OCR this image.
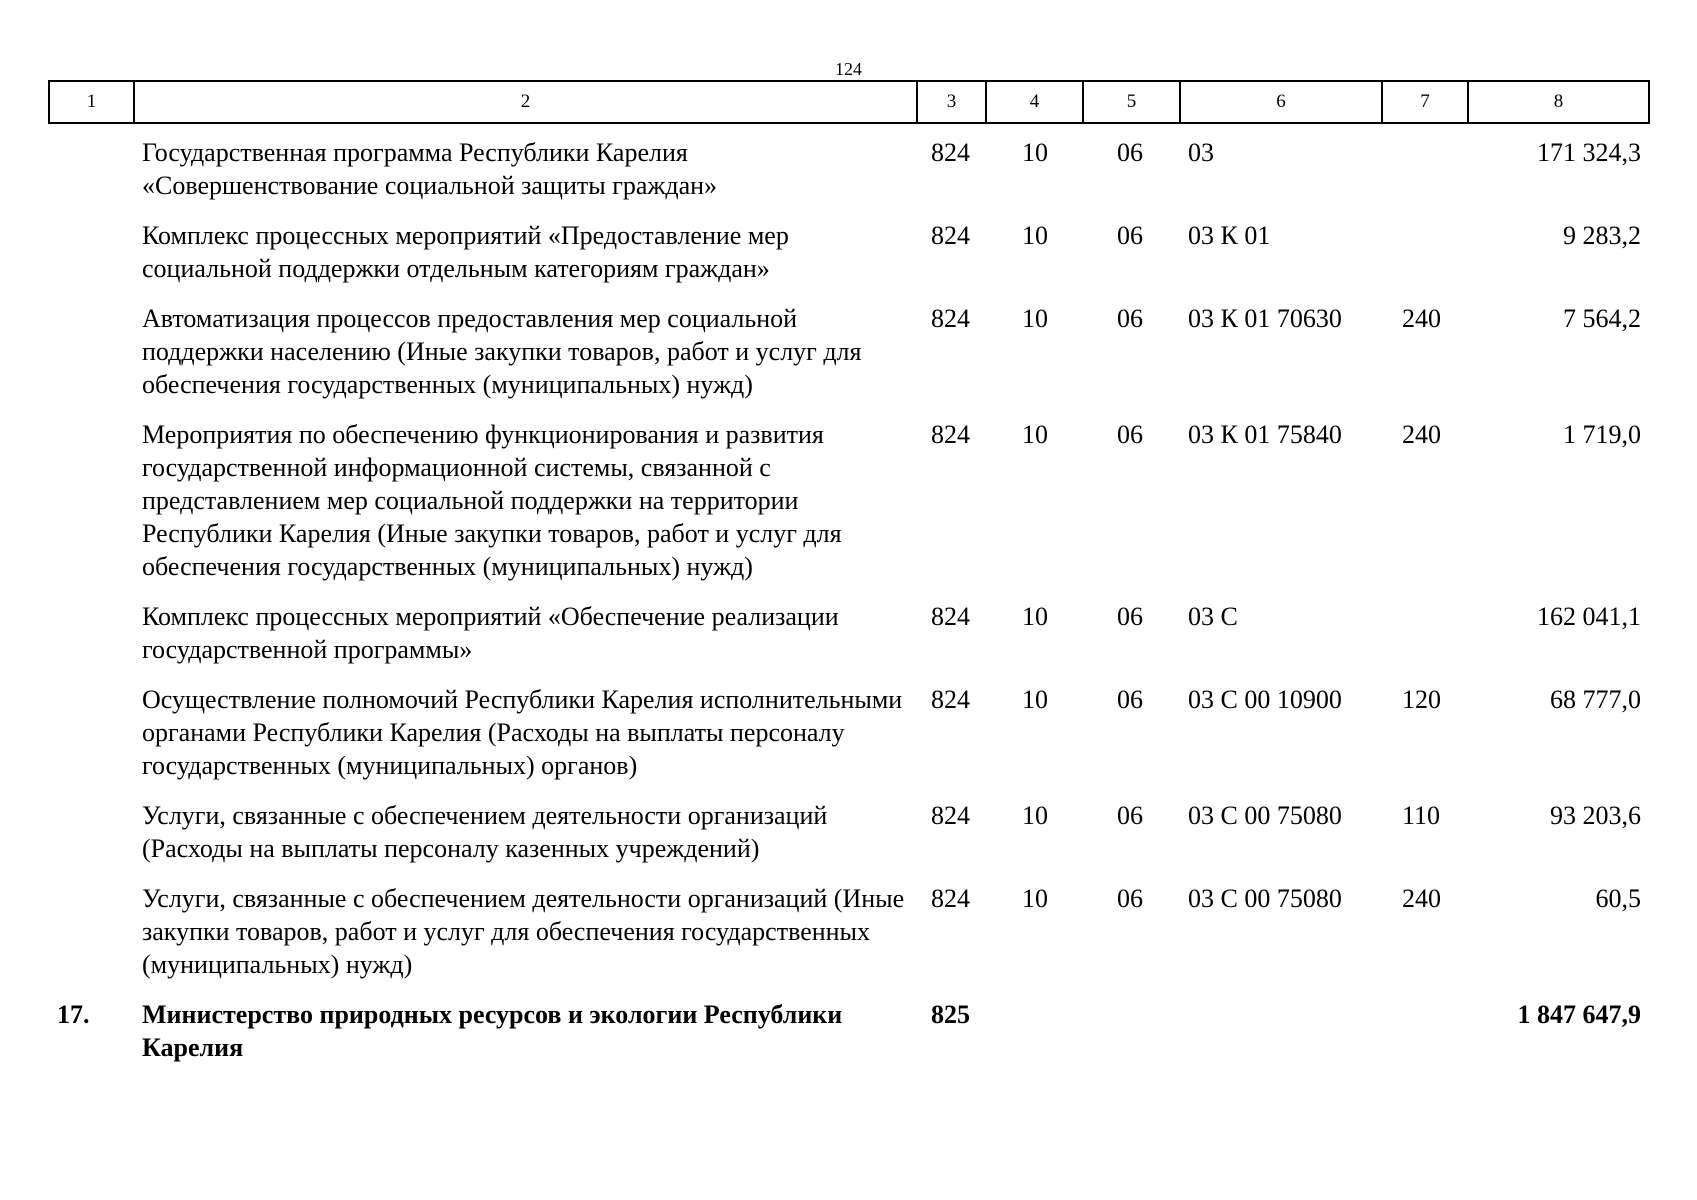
124
1	2	3	4	5	6	7	8
	Государственная программа Республики Карелия «Совершенствование социальной защиты граждан»	824	10	06	03		171 324,3
	Комплекс процессных мероприятий «Предоставление мер социальной поддержки отдельным категориям граждан»	824	10	06	03 К 01		9 283,2
	Автоматизация процессов предоставления мер социальной поддержки населению (Иные закупки товаров, работ и услуг для обеспечения государственных (муниципальных) нужд)	824	10	06	03 К 01 70630	240	7 564,2
	Мероприятия по обеспечению функционирования и развития государственной информационной системы, связанной с представлением мер социальной поддержки на территории Республики Карелия (Иные закупки товаров, работ и услуг для обеспечения государственных (муниципальных) нужд)	824	10	06	03 К 01 75840	240	1 719,0
	Комплекс процессных мероприятий «Обеспечение реализации государственной программы»	824	10	06	03 С		162 041,1
	Осуществление полномочий Республики Карелия исполнительными органами Республики Карелия (Расходы на выплаты персоналу государственных (муниципальных) органов)	824	10	06	03 С 00 10900	120	68 777,0
	Услуги, связанные с обеспечением деятельности организаций (Расходы на выплаты персоналу казенных учреждений)	824	10	06	03 С 00 75080	110	93 203,6
	Услуги, связанные с обеспечением деятельности организаций (Иные закупки товаров, работ и услуг для обеспечения государственных (муниципальных) нужд)	824	10	06	03 С 00 75080	240	60,5
17.	Министерство природных ресурсов и экологии Республики Карелия	825					1 847 647,9
